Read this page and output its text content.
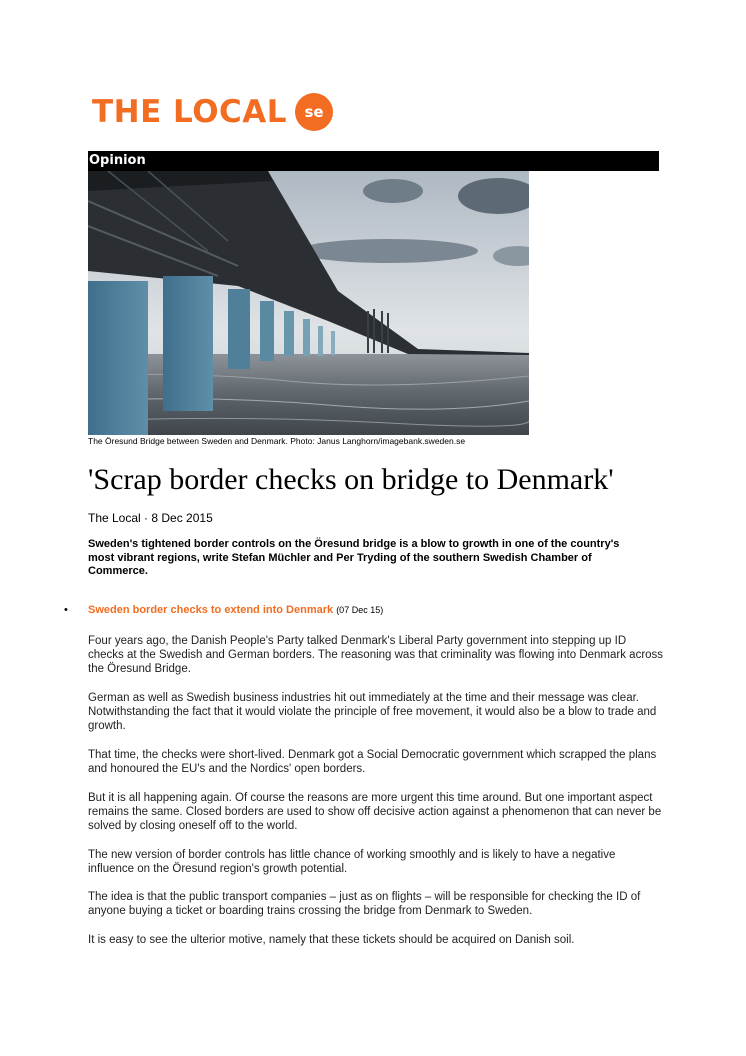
THE LOCAL	se
Opinion
The Öresund Bridge between Sweden and Denmark. Photo: Janus Langhorn/imagebank.sweden.se
'Scrap border checks on bridge to Denmark'
The Local · 8 Dec 2015

Sweden's tightened border controls on the Öresund bridge is a blow to growth in one of the country's most vibrant regions, write Stefan Müchler and Per Tryding of the southern Swedish Chamber of Commerce.

• Sweden border checks to extend into Denmark (07 Dec 15)

Four years ago, the Danish People's Party talked Denmark's Liberal Party government into stepping up ID checks at the Swedish and German borders. The reasoning was that criminality was flowing into Denmark across the Öresund Bridge.

German as well as Swedish business industries hit out immediately at the time and their message was clear. Notwithstanding the fact that it would violate the principle of free movement, it would also be a blow to trade and growth.

That time, the checks were short-lived. Denmark got a Social Democratic government which scrapped the plans and honoured the EU's and the Nordics' open borders.

But it is all happening again. Of course the reasons are more urgent this time around. But one important aspect remains the same. Closed borders are used to show off decisive action against a phenomenon that can never be solved by closing oneself off to the world.

The new version of border controls has little chance of working smoothly and is likely to have a negative influence on the Öresund region's growth potential.

The idea is that the public transport companies – just as on flights – will be responsible for checking the ID of anyone buying a ticket or boarding trains crossing the bridge from Denmark to Sweden.

It is easy to see the ulterior motive, namely that these tickets should be acquired on Danish soil.
